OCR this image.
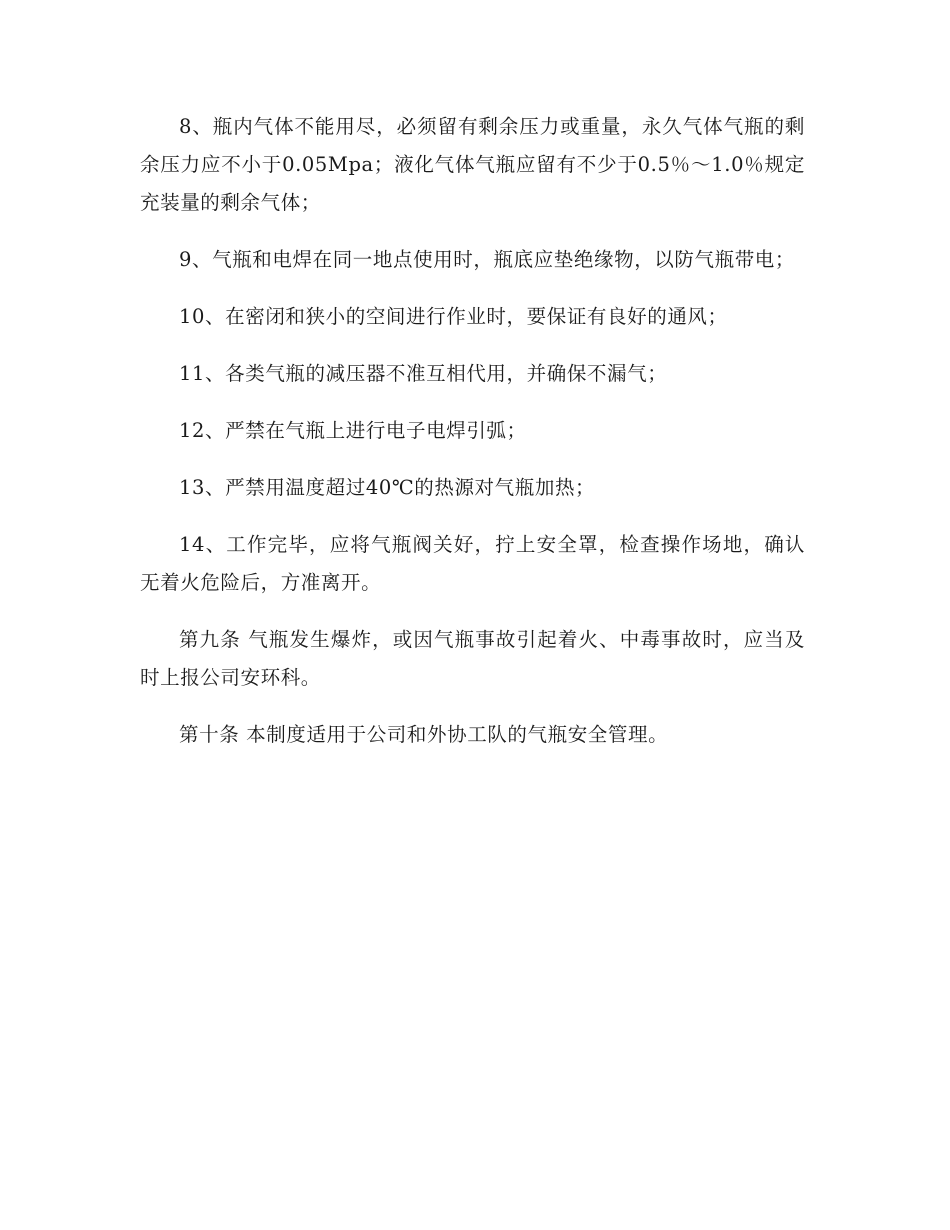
8、瓶内气体不能用尽，必须留有剩余压力或重量，永久气体气瓶的剩余压力应不小于0.05Mpa；液化气体气瓶应留有不少于0.5％～1.0％规定充装量的剩余气体；

9、气瓶和电焊在同一地点使用时，瓶底应垫绝缘物，以防气瓶带电；

10、在密闭和狭小的空间进行作业时，要保证有良好的通风；

11、各类气瓶的减压器不准互相代用，并确保不漏气；

12、严禁在气瓶上进行电子电焊引弧；

13、严禁用温度超过40℃的热源对气瓶加热；

14、工作完毕，应将气瓶阀关好，拧上安全罩，检查操作场地，确认无着火危险后，方准离开。

第九条 气瓶发生爆炸，或因气瓶事故引起着火、中毒事故时，应当及时上报公司安环科。

第十条 本制度适用于公司和外协工队的气瓶安全管理。
